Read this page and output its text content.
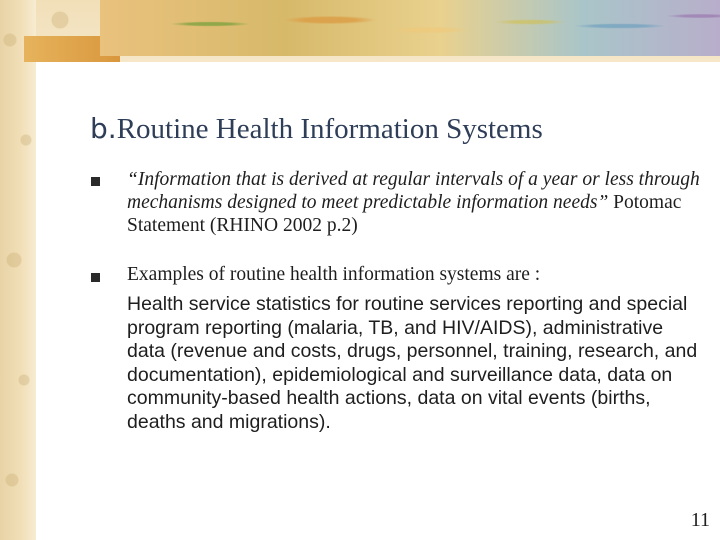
b.Routine Health Information Systems

“Information that is derived at regular intervals of a year or less through mechanisms designed to meet predictable information needs” Potomac Statement (RHINO 2002 p.2)

Examples of routine health information systems are :

Health service statistics for routine services reporting and special program reporting (malaria, TB, and HIV/AIDS), administrative data (revenue and costs, drugs, personnel, training, research, and documentation), epidemiological and surveillance data, data on community-based health actions, data on vital events (births, deaths and migrations).

11
